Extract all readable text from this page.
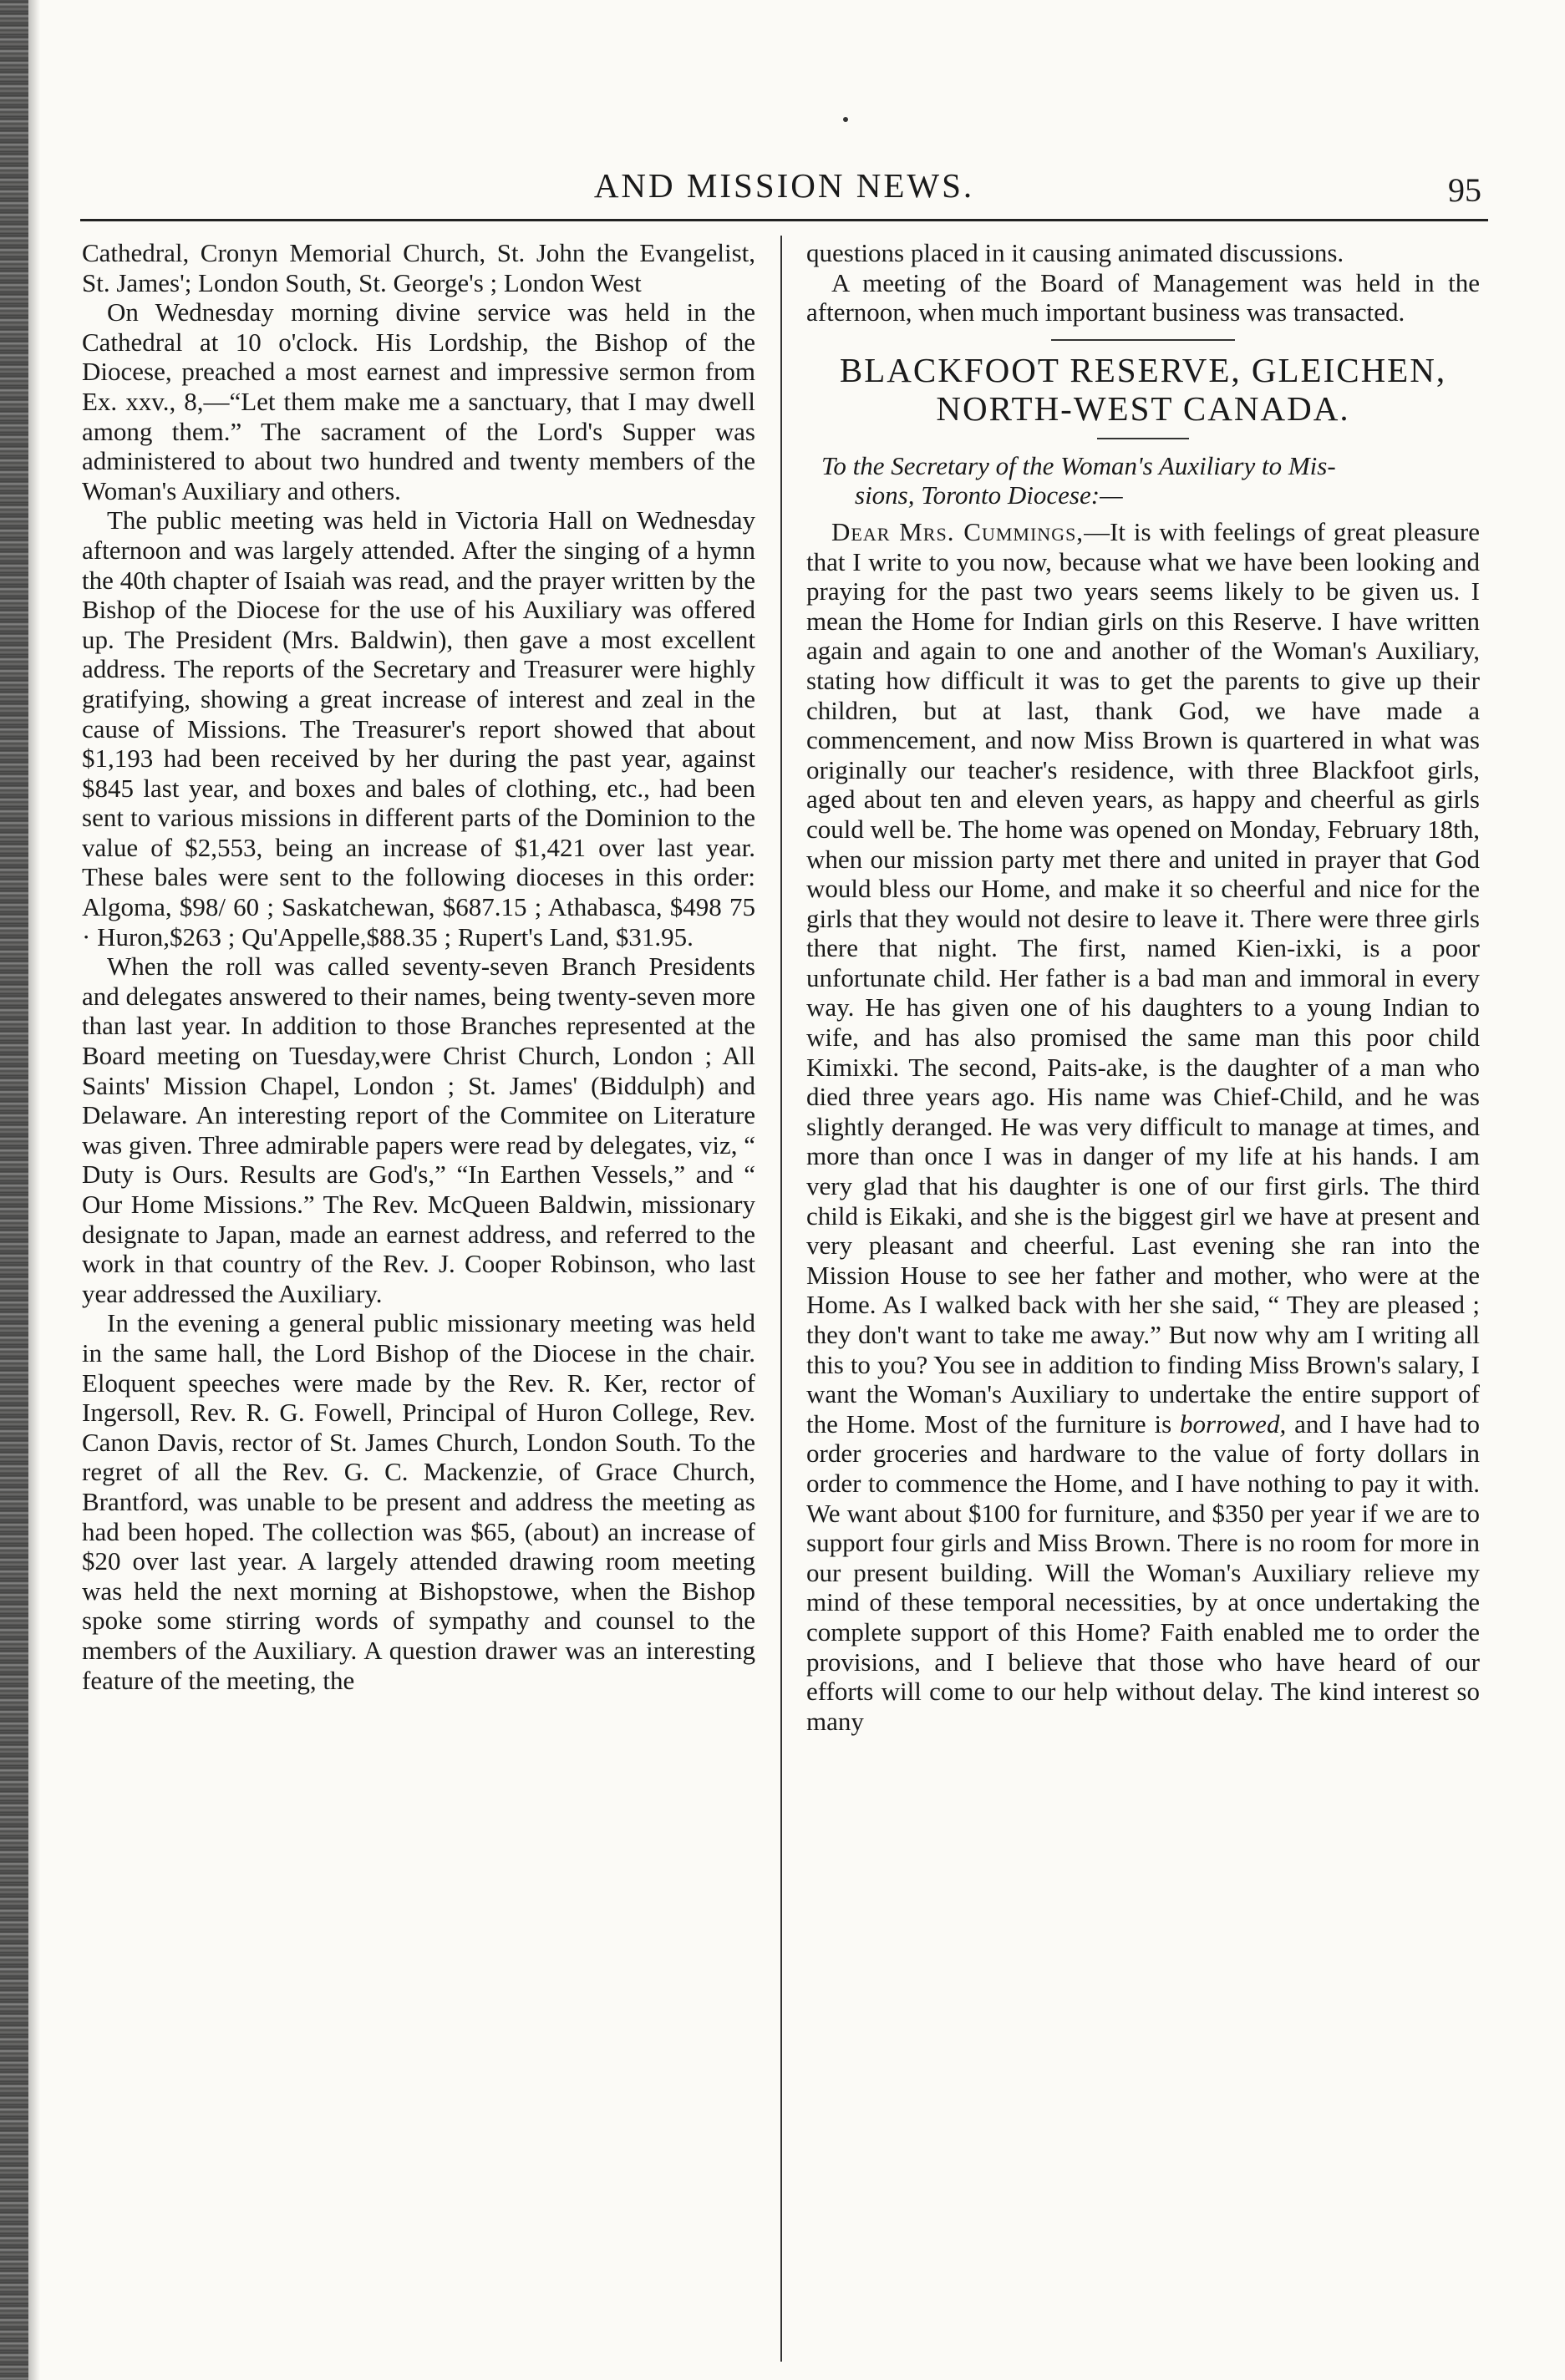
AND MISSION NEWS.	95

Cathedral, Cronyn Memorial Church, St. John the Evangelist, St. James'; London South, St. George's ; London West

On Wednesday morning divine service was held in the Cathedral at 10 o'clock. His Lordship, the Bishop of the Diocese, preached a most earnest and impressive sermon from Ex. xxv., 8,—“Let them make me a sanctuary, that I may dwell among them.” The sacrament of the Lord's Supper was administered to about two hundred and twenty members of the Woman's Auxiliary and others.

The public meeting was held in Victoria Hall on Wednesday afternoon and was largely attended. After the singing of a hymn the 40th chapter of Isaiah was read, and the prayer written by the Bishop of the Diocese for the use of his Auxiliary was offered up. The President (Mrs. Baldwin), then gave a most excellent address. The reports of the Secretary and Treasurer were highly gratifying, showing a great increase of interest and zeal in the cause of Missions. The Treasurer's report showed that about $1,193 had been received by her during the past year, against $845 last year, and boxes and bales of clothing, etc., had been sent to various missions in different parts of the Dominion to the value of $2,553, being an increase of $1,421 over last year. These bales were sent to the following dioceses in this order: Algoma, $98/ 60 ; Saskatchewan, $687.15 ; Athabasca, $498 75 · Huron,$263 ; Qu'Appelle,$88.35 ; Rupert's Land, $31.95.

When the roll was called seventy-seven Branch Presidents and delegates answered to their names, being twenty-seven more than last year. In addition to those Branches represented at the Board meeting on Tuesday,were Christ Church, London ; All Saints' Mission Chapel, London ; St. James' (Biddulph) and Delaware. An interesting report of the Commitee on Literature was given. Three admirable papers were read by delegates, viz, “ Duty is Ours. Results are God's,” “In Earthen Vessels,” and “ Our Home Missions.” The Rev. McQueen Baldwin, missionary designate to Japan, made an earnest address, and referred to the work in that country of the Rev. J. Cooper Robinson, who last year addressed the Auxiliary.

In the evening a general public missionary meeting was held in the same hall, the Lord Bishop of the Diocese in the chair. Eloquent speeches were made by the Rev. R. Ker, rector of Ingersoll, Rev. R. G. Fowell, Principal of Huron College, Rev. Canon Davis, rector of St. James Church, London South. To the regret of all the Rev. G. C. Mackenzie, of Grace Church, Brantford, was unable to be present and address the meeting as had been hoped. The collection was $65, (about) an increase of $20 over last year. A largely attended drawing room meeting was held the next morning at Bishopstowe, when the Bishop spoke some stirring words of sympathy and counsel to the members of the Auxiliary. A question drawer was an interesting feature of the meeting, the

questions placed in it causing animated discussions.

A meeting of the Board of Management was held in the afternoon, when much important business was transacted.

BLACKFOOT RESERVE, GLEICHEN,
NORTH-WEST CANADA.

To the Secretary of the Woman's Auxiliary to Mis-
sions, Toronto Diocese:—

Dear Mrs. Cummings,—It is with feelings of great pleasure that I write to you now, because what we have been looking and praying for the past two years seems likely to be given us. I mean the Home for Indian girls on this Reserve. I have written again and again to one and another of the Woman's Auxiliary, stating how difficult it was to get the parents to give up their children, but at last, thank God, we have made a commencement, and now Miss Brown is quartered in what was originally our teacher's residence, with three Blackfoot girls, aged about ten and eleven years, as happy and cheerful as girls could well be. The home was opened on Monday, February 18th, when our mission party met there and united in prayer that God would bless our Home, and make it so cheerful and nice for the girls that they would not desire to leave it. There were three girls there that night. The first, named Kien-ixki, is a poor unfortunate child. Her father is a bad man and immoral in every way. He has given one of his daughters to a young Indian to wife, and has also promised the same man this poor child Kimixki. The second, Paits-ake, is the daughter of a man who died three years ago. His name was Chief-Child, and he was slightly deranged. He was very difficult to manage at times, and more than once I was in danger of my life at his hands. I am very glad that his daughter is one of our first girls. The third child is Eikaki, and she is the biggest girl we have at present and very pleasant and cheerful. Last evening she ran into the Mission House to see her father and mother, who were at the Home. As I walked back with her she said, “ They are pleased ; they don't want to take me away.” But now why am I writing all this to you? You see in addition to finding Miss Brown's salary, I want the Woman's Auxiliary to undertake the entire support of the Home. Most of the furniture is borrowed, and I have had to order groceries and hardware to the value of forty dollars in order to commence the Home, and I have nothing to pay it with. We want about $100 for furniture, and $350 per year if we are to support four girls and Miss Brown. There is no room for more in our present building. Will the Woman's Auxiliary relieve my mind of these temporal necessities, by at once undertaking the complete support of this Home? Faith enabled me to order the provisions, and I believe that those who have heard of our efforts will come to our help without delay. The kind interest so many
